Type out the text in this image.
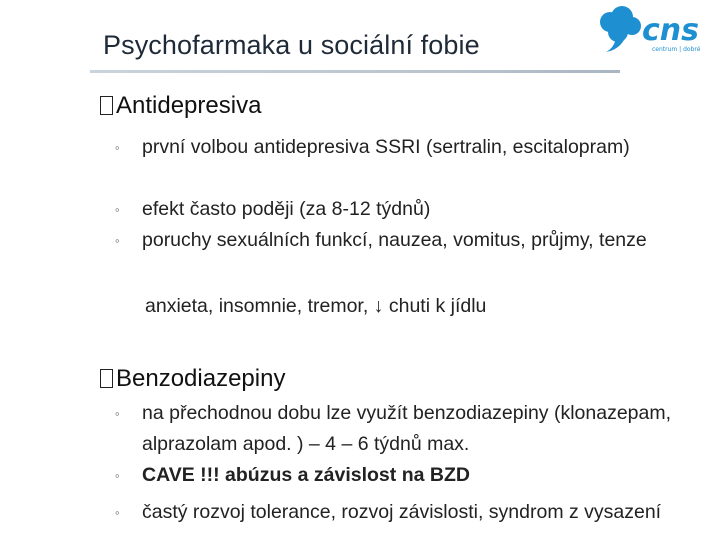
Psychofarmaka u sociální fobie	cns
centrum | dobré
Antidepresiva
◦ první volbou antidepresiva SSRI (sertralin, escitalopram)
◦ efekt často poději (za 8-12 týdnů)
◦ poruchy sexuálních funkcí, nauzea, vomitus, průjmy, tenze
anxieta, insomnie, tremor, ↓ chuti k jídlu
Benzodiazepiny
◦ na přechodnou dobu lze využít benzodiazepiny (klonazepam, alprazolam apod. ) – 4 – 6 týdnů max.
◦ CAVE !!! abúzus a závislost na BZD
◦ častý rozvoj tolerance, rozvoj závislosti, syndrom z vysazení
